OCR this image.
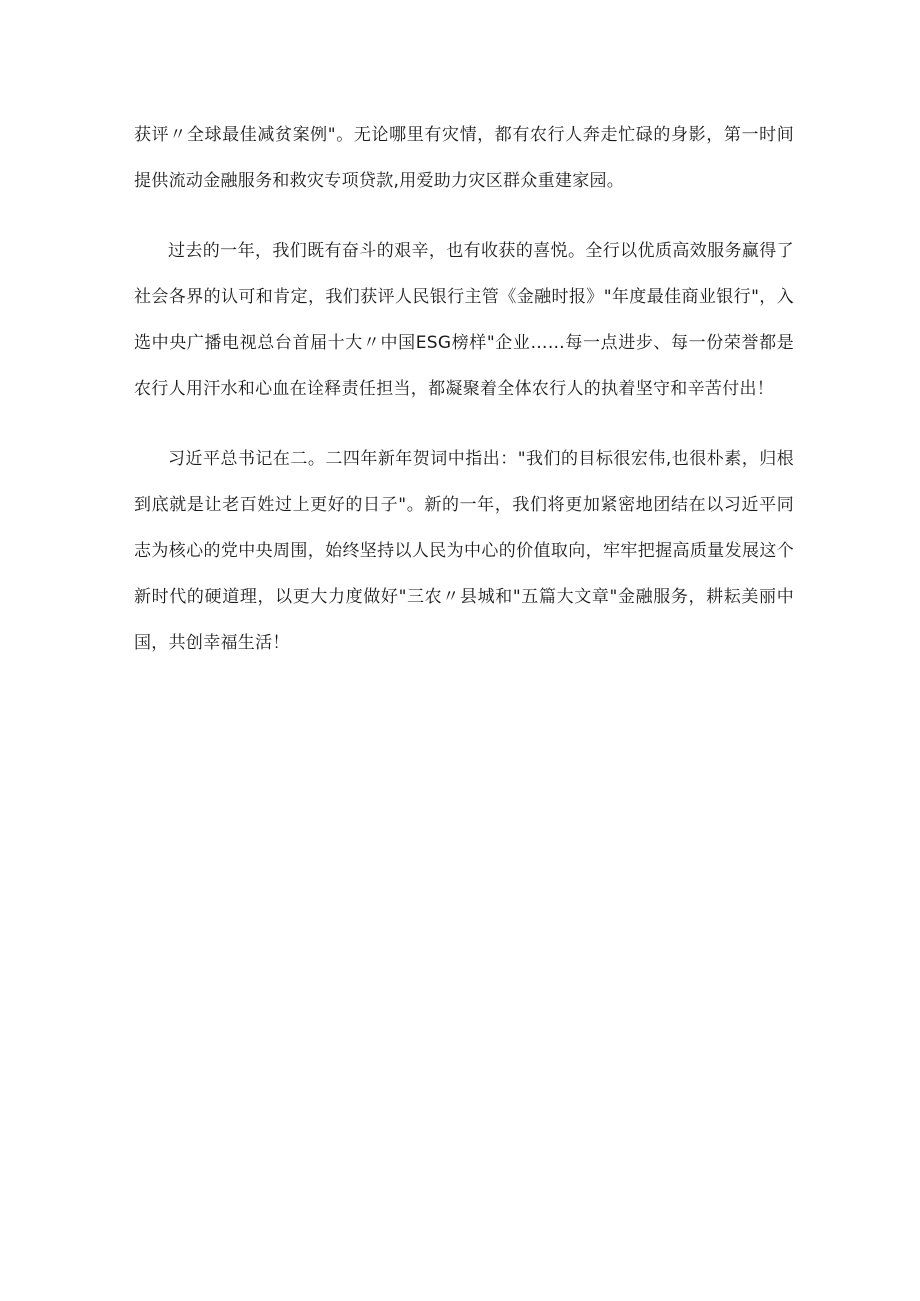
获评〃全球最佳减贫案例"。无论哪里有灾情，都有农行人奔走忙碌的身影，第一时间提供流动金融服务和救灾专项贷款,用爱助力灾区群众重建家园。

过去的一年，我们既有奋斗的艰辛，也有收获的喜悦。全行以优质高效服务赢得了社会各界的认可和肯定，我们获评人民银行主管《金融时报》"年度最佳商业银行"，入选中央广播电视总台首届十大〃中国ESG榜样"企业……每一点进步、每一份荣誉都是农行人用汗水和心血在诠释责任担当，都凝聚着全体农行人的执着坚守和辛苦付出！

习近平总书记在二。二四年新年贺词中指出："我们的目标很宏伟,也很朴素，归根到底就是让老百姓过上更好的日子"。新的一年，我们将更加紧密地团结在以习近平同志为核心的党中央周围，始终坚持以人民为中心的价值取向，牢牢把握高质量发展这个新时代的硬道理，以更大力度做好"三农〃县城和"五篇大文章"金融服务，耕耘美丽中国，共创幸福生活！
